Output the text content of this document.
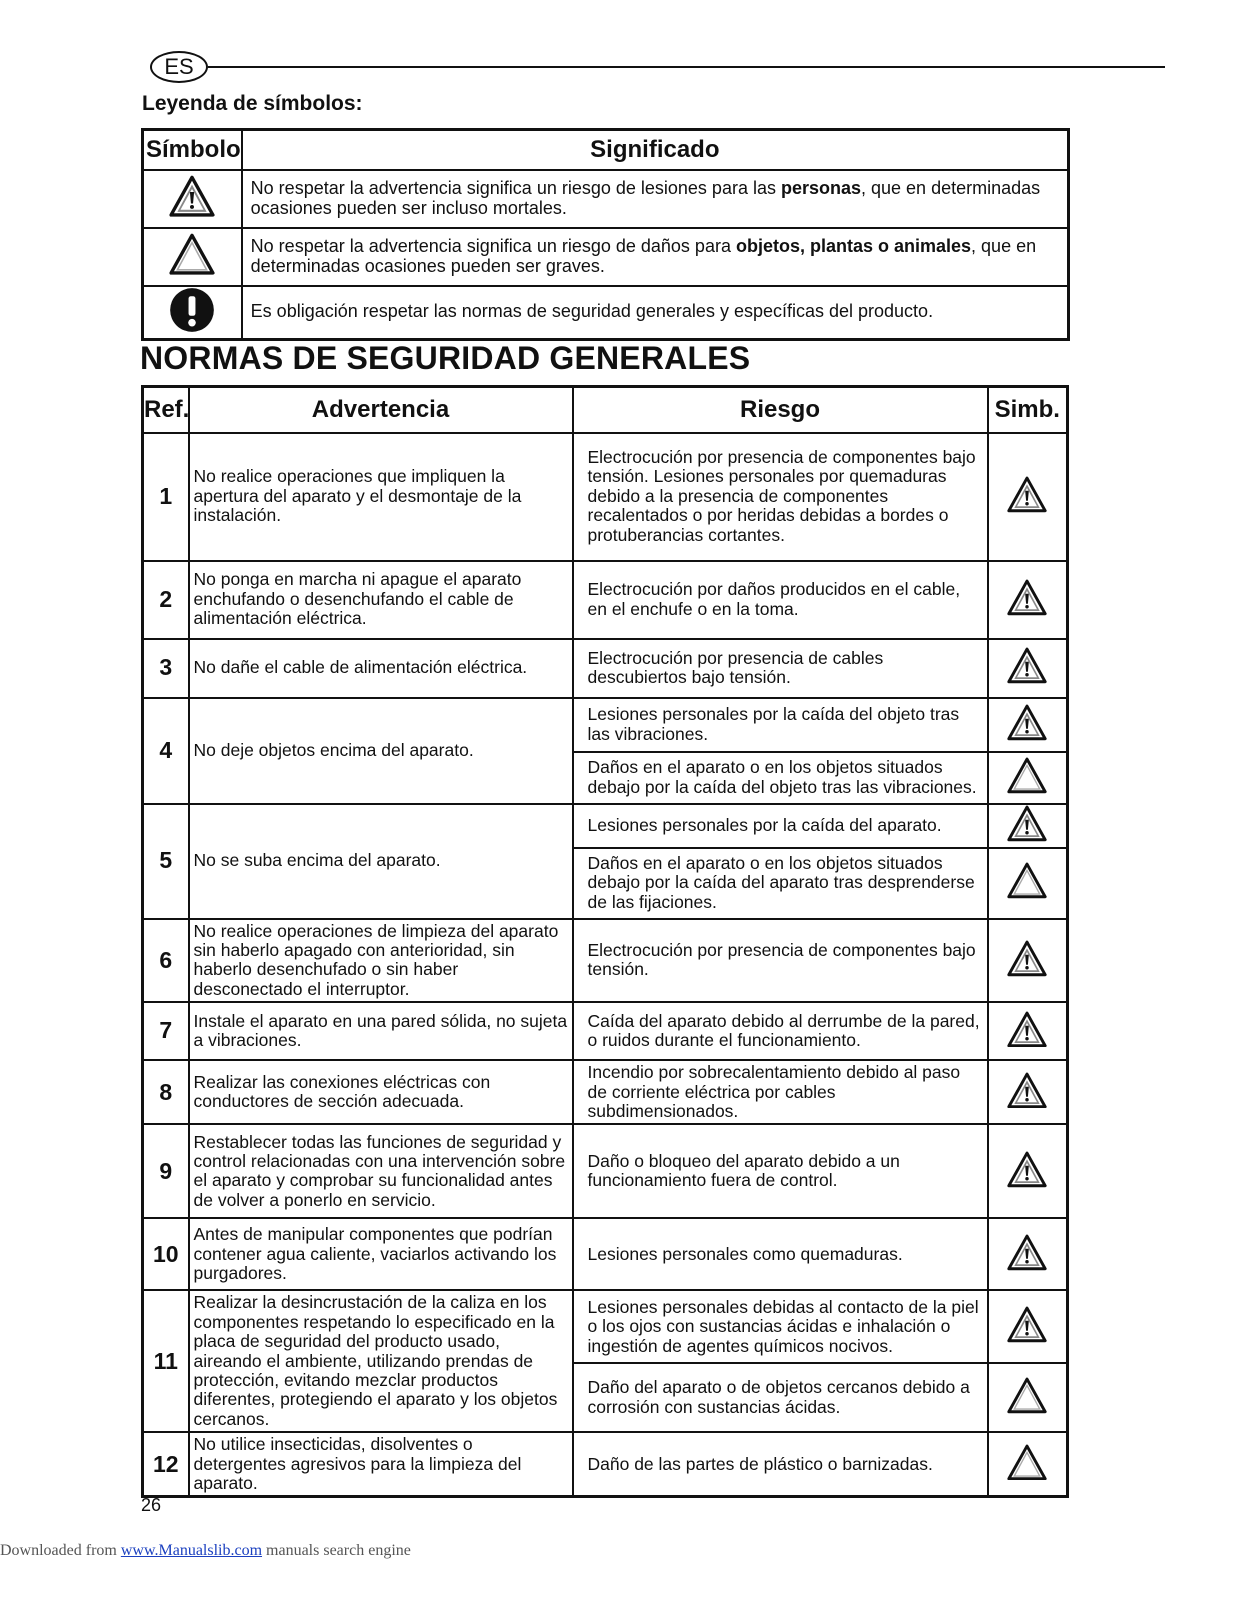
ES
Leyenda de símbolos:
Símbolo	Significado
	No respetar la advertencia significa un riesgo de lesiones para las personas, que en determinadas ocasiones pueden ser incluso mortales.
	No respetar la advertencia significa un riesgo de daños para objetos, plantas o animales, que en determinadas ocasiones pueden ser graves.
	Es obligación respetar las normas de seguridad generales y específicas del producto.
NORMAS DE SEGURIDAD GENERALES
Ref.	Advertencia	Riesgo	Simb.
1	No realice operaciones que impliquen la apertura del aparato y el desmontaje de la instalación.	Electrocución por presencia de componentes bajo tensión. Lesiones personales por quemaduras debido a la presencia de componentes recalentados o por heridas debidas a bordes o protuberancias cortantes.	
2	No ponga en marcha ni apague el aparato enchufando o desenchufando el cable de alimentación eléctrica.	Electrocución por daños producidos en el cable, en el enchufe o en la toma.	
3	No dañe el cable de alimentación eléctrica.	Electrocución por presencia de cables descubiertos bajo tensión.	
4	No deje objetos encima del aparato.	Lesiones personales por la caída del objeto tras las vibraciones.	
		Daños en el aparato o en los objetos situados debajo por la caída del objeto tras las vibraciones.	
5	No se suba encima del aparato.	Lesiones personales por la caída del aparato.	
		Daños en el aparato o en los objetos situados debajo por la caída del aparato tras desprenderse de las fijaciones.	
6	No realice operaciones de limpieza del aparato sin haberlo apagado con anterioridad, sin haberlo desenchufado o sin haber desconectado el interruptor.	Electrocución por presencia de componentes bajo tensión.	
7	Instale el aparato en una pared sólida, no sujeta a vibraciones.	Caída del aparato debido al derrumbe de la pared, o ruidos durante el funcionamiento.	
8	Realizar las conexiones eléctricas con conductores de sección adecuada.	Incendio por sobrecalentamiento debido al paso de corriente eléctrica por cables subdimensionados.	
9	Restablecer todas las funciones de seguridad y control relacionadas con una intervención sobre el aparato y comprobar su funcionalidad antes de volver a ponerlo en servicio.	Daño o bloqueo del aparato debido a un funcionamiento fuera de control.	
10	Antes de manipular componentes que podrían contener agua caliente, vaciarlos activando los purgadores.	Lesiones personales como quemaduras.	
11	Realizar la desincrustación de la caliza en los componentes respetando lo especificado en la placa de seguridad del producto usado, aireando el ambiente, utilizando prendas de protección, evitando mezclar productos diferentes, protegiendo el aparato y los objetos cercanos.	Lesiones personales debidas al contacto de la piel o los ojos con sustancias ácidas e inhalación o ingestión de agentes químicos nocivos.	
		Daño del aparato o de objetos cercanos debido a corrosión con sustancias ácidas.	
12	No utilice insecticidas, disolventes o detergentes agresivos para la limpieza del aparato.	Daño de las partes de plástico o barnizadas.	
26
Downloaded from www.Manualslib.com manuals search engine
